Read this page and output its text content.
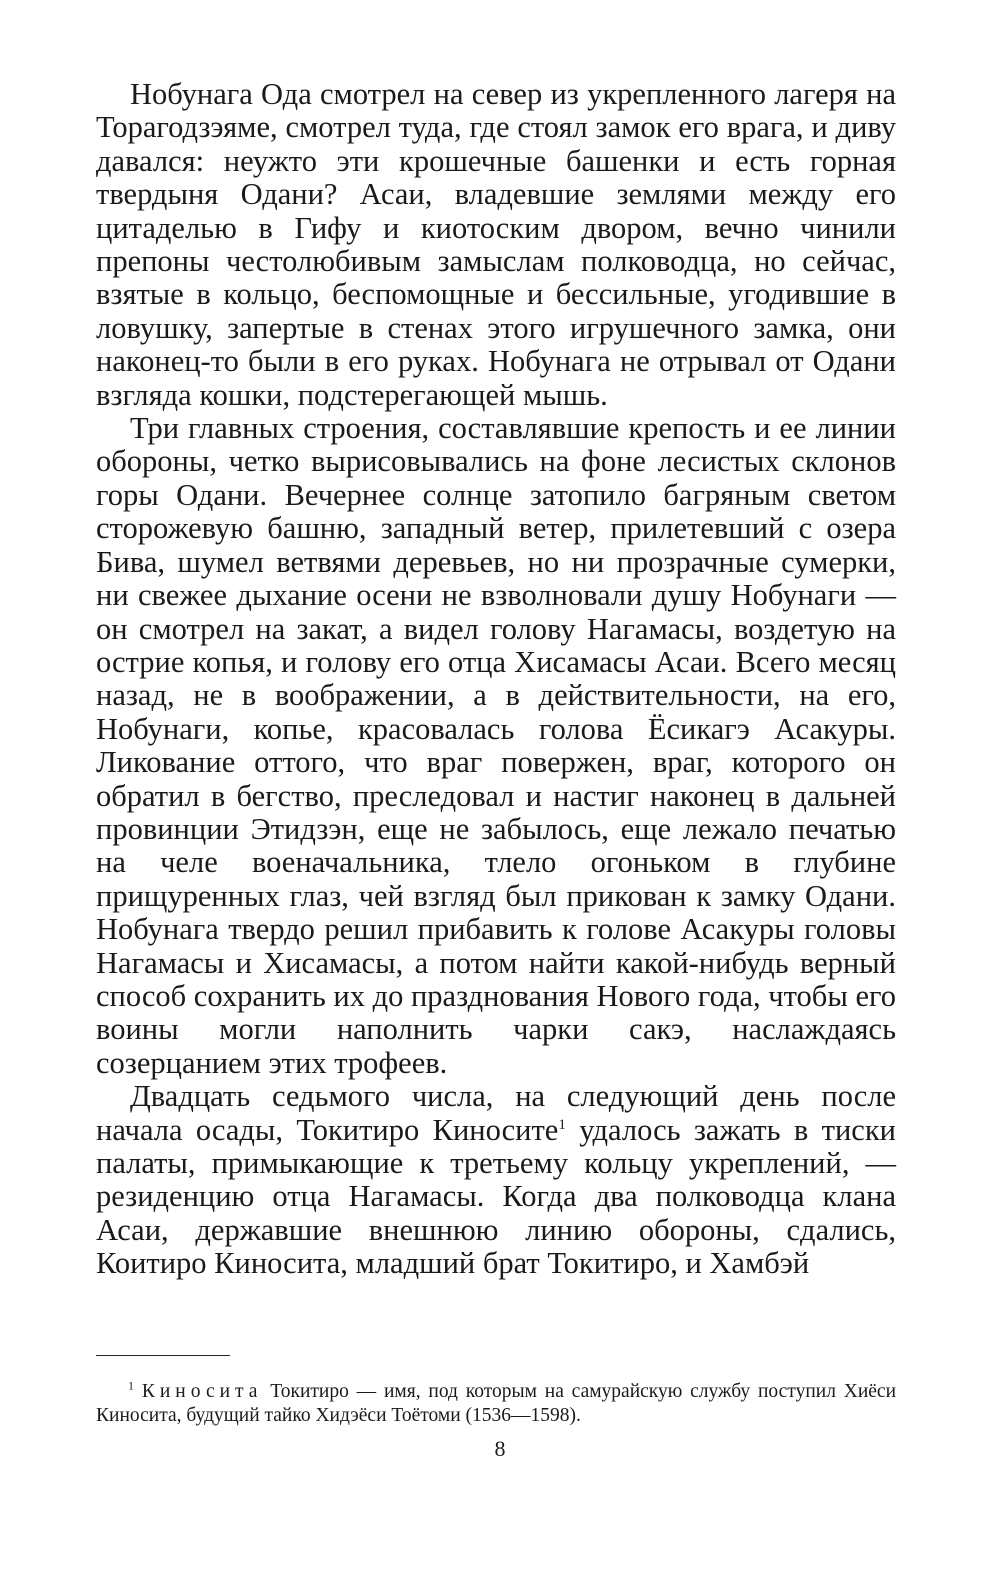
Нобунага Ода смотрел на север из укрепленного лагеря на Торагодзэяме, смотрел туда, где стоял замок его врага, и диву давался: неужто эти крошечные башенки и есть горная твердыня Одани? Асаи, владевшие землями между его цитаделью в Гифу и киотоским двором, вечно чинили препоны честолюбивым замыслам полководца, но сейчас, взятые в кольцо, беспомощные и бессильные, угодившие в ловушку, запертые в стенах этого игрушечного замка, они наконец-то были в его руках. Нобунага не отрывал от Одани взгляда кошки, подстерегающей мышь.

Три главных строения, составлявшие крепость и ее линии обороны, четко вырисовывались на фоне лесистых склонов горы Одани. Вечернее солнце затопило багряным светом сторожевую башню, западный ветер, прилетевший с озера Бива, шумел ветвями деревьев, но ни прозрачные сумерки, ни свежее дыхание осени не взволновали душу Нобунаги — он смотрел на закат, а видел голову Нагамасы, воздетую на острие копья, и голову его отца Хисамасы Асаи. Всего месяц назад, не в воображении, а в действительности, на его, Нобунаги, копье, красовалась голова Ёсикагэ Асакуры. Ликование оттого, что враг повержен, враг, которого он обратил в бегство, преследовал и настиг наконец в дальней провинции Этидзэн, еще не забылось, еще лежало печатью на челе военачальника, тлело огоньком в глубине прищуренных глаз, чей взгляд был прикован к замку Одани. Нобунага твердо решил прибавить к голове Асакуры головы Нагамасы и Хисамасы, а потом найти какой-нибудь верный способ сохранить их до празднования Нового года, чтобы его воины могли наполнить чарки сакэ, наслаждаясь созерцанием этих трофеев.

Двадцать седьмого числа, на следующий день после начала осады, Токитиро Киносите$^1$ удалось зажать в тиски палаты, примыкающие к третьему кольцу укреплений, — резиденцию отца Нагамасы. Когда два полководца клана Асаи, державшие внешнюю линию обороны, сдались, Коитиро Киносита, младший брат Токитиро, и Хамбэй

$^1$ Киносита Токитиро — имя, под которым на самурайскую службу поступил Хиёси Киносита, будущий тайко Хидэёси Тоётоми (1536—1598).

8
